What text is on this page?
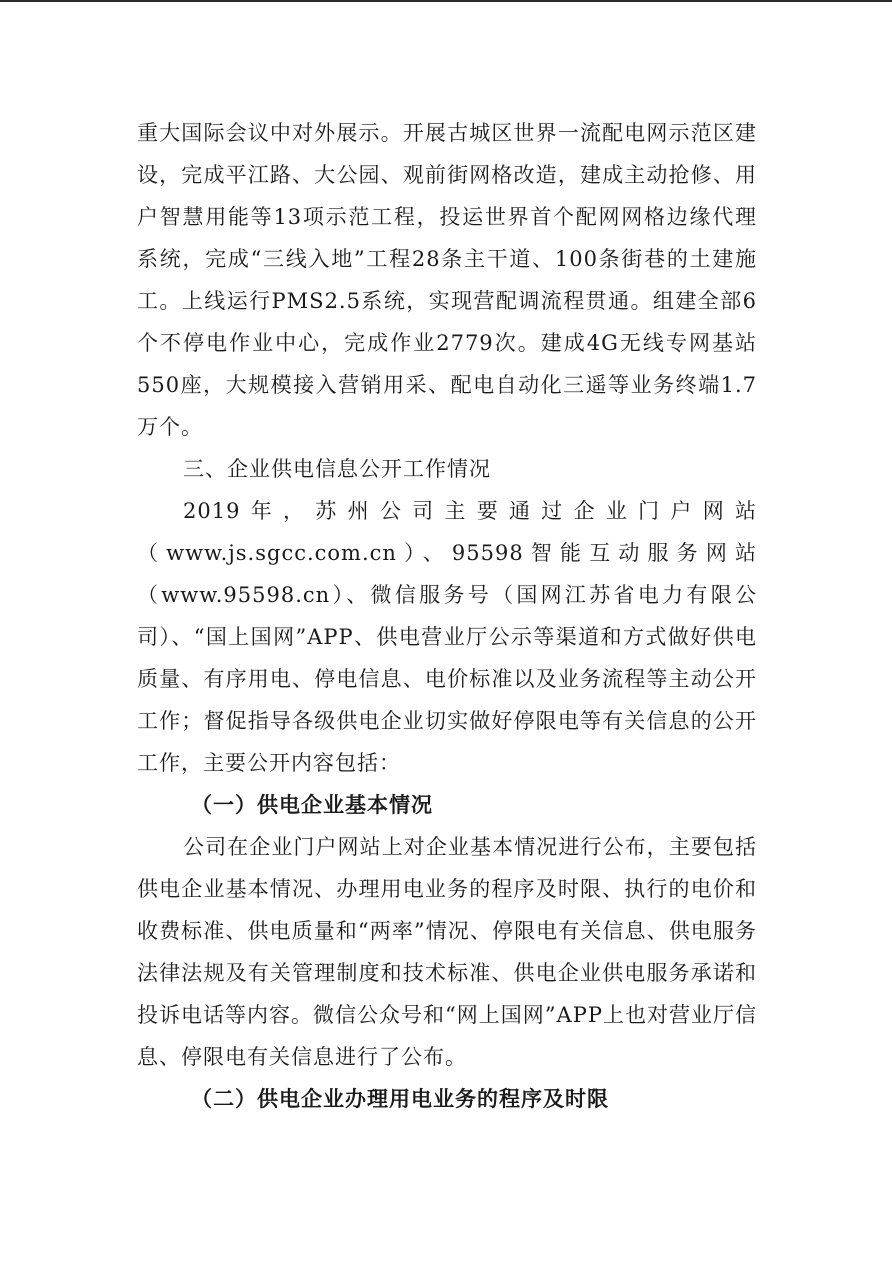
重大国际会议中对外展示。开展古城区世界一流配电网示范区建设，完成平江路、大公园、观前街网格改造，建成主动抢修、用户智慧用能等13项示范工程，投运世界首个配网网格边缘代理系统，完成“三线入地”工程28条主干道、100条街巷的土建施工。上线运行PMS2.5系统，实现营配调流程贯通。组建全部6个不停电作业中心，完成作业2779次。建成4G无线专网基站550座，大规模接入营销用采、配电自动化三遥等业务终端1.7万个。

三、企业供电信息公开工作情况

2019年，苏州公司主要通过企业门户网站（www.js.sgcc.com.cn）、95598智能互动服务网站（www.95598.cn）、微信服务号（国网江苏省电力有限公司）、“国上国网”APP、供电营业厅公示等渠道和方式做好供电质量、有序用电、停电信息、电价标准以及业务流程等主动公开工作；督促指导各级供电企业切实做好停限电等有关信息的公开工作，主要公开内容包括：

（一）供电企业基本情况

公司在企业门户网站上对企业基本情况进行公布，主要包括供电企业基本情况、办理用电业务的程序及时限、执行的电价和收费标准、供电质量和“两率”情况、停限电有关信息、供电服务法律法规及有关管理制度和技术标准、供电企业供电服务承诺和投诉电话等内容。微信公众号和“网上国网”APP上也对营业厅信息、停限电有关信息进行了公布。

（二）供电企业办理用电业务的程序及时限
